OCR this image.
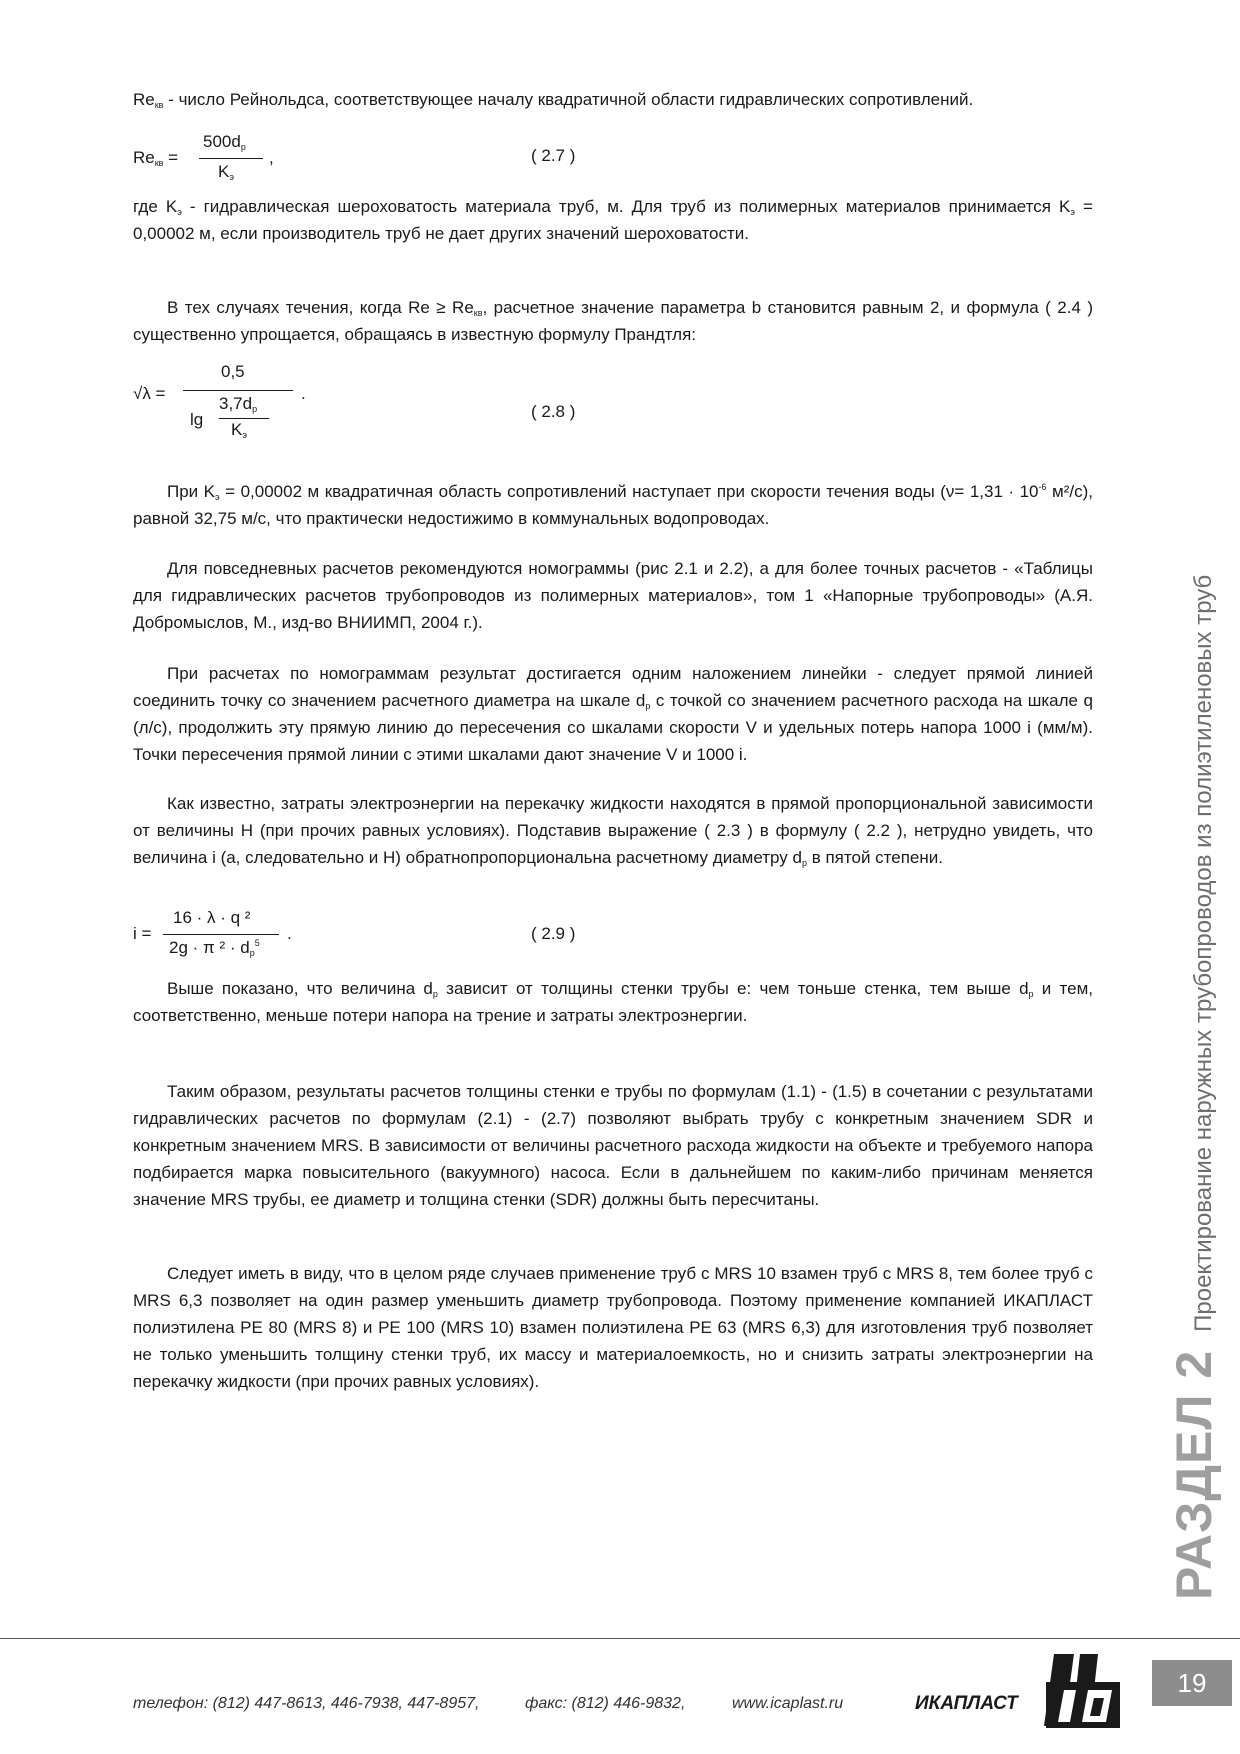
$Re_{кв}$ - число Рейнольдса, соответствующее началу квадратичной области гидравлических сопротивлений.

$Re_{кв}$ =
$500d_р$
$K_э$
,	( 2.7 )

где $K_э$ - гидравлическая шероховатость материала труб, м. Для труб из полимерных материалов принимается $K_э = 0,00002$ м, если производитель труб не дает других значений шероховатости.

В тех случаях течения, когда $Re \ge Re_{кв}$, расчетное значение параметра b становится равным 2, и формула ( 2.4 ) существенно упрощается, обращаясь в известную формулу Прандтля:

√λ =
0,5
lg
$3,7d_р$
$K_э$
.
( 2.8 )

При $K_э = 0,00002$ м квадратичная область сопротивлений наступает при скорости течения воды ($\nu= 1,31 \cdot 10^{-6}$ м²/с), равной 32,75 м/с, что практически недостижимо в коммунальных водопроводах.

Для повседневных расчетов рекомендуются номограммы (рис 2.1 и 2.2), а для более точных расчетов - «Таблицы для гидравлических расчетов трубопроводов из полимерных материалов», том 1 «Напорные трубопроводы» (А.Я. Добромыслов, М., изд-во ВНИИМП, 2004 г.).

При расчетах по номограммам результат достигается одним наложением линейки - следует прямой линией соединить точку со значением расчетного диаметра на шкале $d_р$ с точкой со значением расчетного расхода на шкале q (л/с), продолжить эту прямую линию до пересечения со шкалами скорости V и удельных потерь напора 1000 i (мм/м). Точки пересечения прямой линии с этими шкалами дают значение V и 1000 i.

Как известно, затраты электроэнергии на перекачку жидкости находятся в прямой пропорциональной зависимости от величины H (при прочих равных условиях). Подставив выражение ( 2.3 ) в формулу ( 2.2 ), нетрудно увидеть, что величина i (а, следовательно и H) обратнопропорциональна расчетному диаметру $d_р$ в пятой степени.

i =
16 · λ · q ²
2g · π $^2 \cdot d_р^5$ .	( 2.9 )

Выше показано, что величина $d_р$ зависит от толщины стенки трубы e: чем тоньше стенка, тем выше $d_р$ и тем, соответственно, меньше потери напора на трение и затраты электроэнергии.

Таким образом, результаты расчетов толщины стенки e трубы по формулам (1.1) - (1.5) в сочетании с результатами гидравлических расчетов по формулам (2.1) - (2.7) позволяют выбрать трубу с конкретным значением SDR и конкретным значением MRS. В зависимости от величины расчетного расхода жидкости на объекте и требуемого напора подбирается марка повысительного (вакуумного) насоса. Если в дальнейшем по каким-либо причинам меняется значение MRS трубы, ее диаметр и толщина стенки (SDR) должны быть пересчитаны.

Следует иметь в виду, что в целом ряде случаев применение труб с MRS 10 взамен труб с MRS 8, тем более труб с MRS 6,3 позволяет на один размер уменьшить диаметр трубопровода. Поэтому применение компанией ИКАПЛАСТ полиэтилена PE 80 (MRS 8) и PE 100 (MRS 10) взамен полиэтилена PE 63 (MRS 6,3) для изготовления труб позволяет не только уменьшить толщину стенки труб, их массу и материалоемкость, но и снизить затраты электроэнергии на перекачку жидкости (при прочих равных условиях).	РАЗДЕЛ 2
Проектирование наружных трубопроводов из полиэтиленовых труб
телефон: (812) 447-8613, 446-7938, 447-8957,	факс: (812) 446-9832,	www.icaplast.ru	ИКАПЛАСТ
19
